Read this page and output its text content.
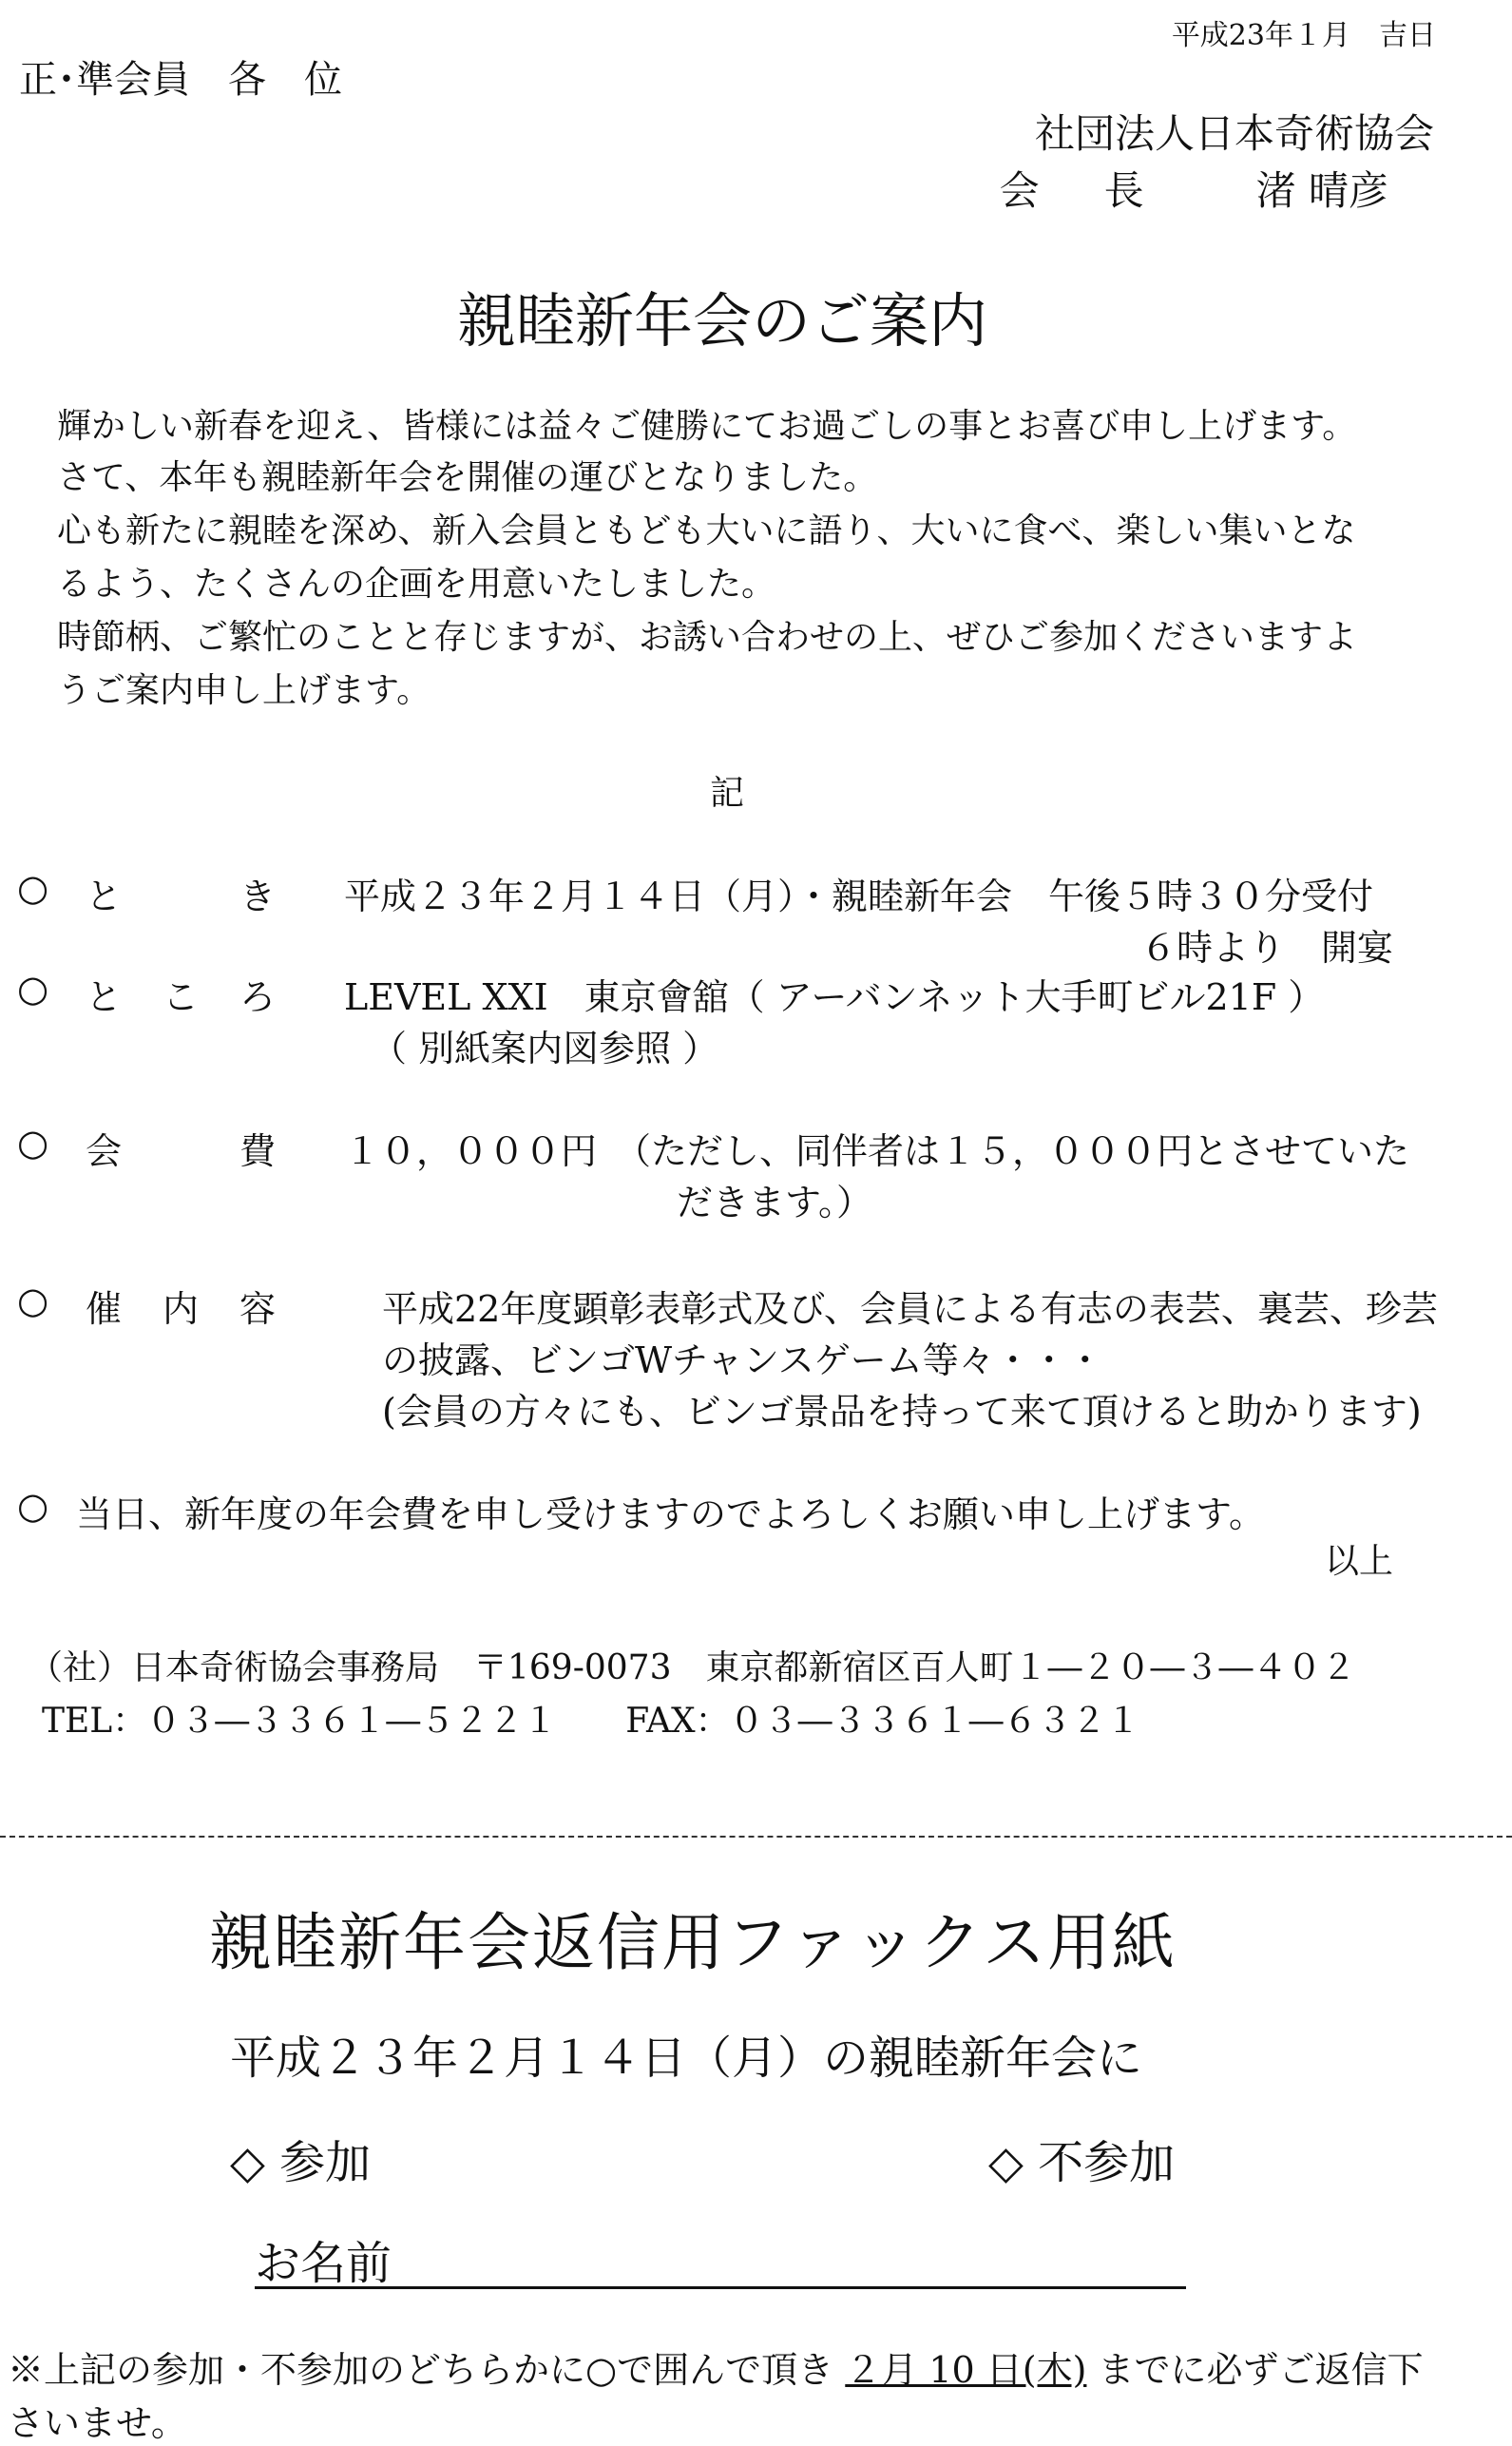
平成23年１月　吉日
正･準会員　各　位
社団法人日本奇術協会
会 長	渚 晴彦
親睦新年会のご案内
輝かしい新春を迎え、皆様には益々ご健勝にてお過ごしの事とお喜び申し上げます。
さて、本年も親睦新年会を開催の運びとなりました。
心も新たに親睦を深め、新入会員ともども大いに語り、大いに食べ、楽しい集いとな
るよう、たくさんの企画を用意いたしました。
時節柄、ご繁忙のことと存じますが、お誘い合わせの上、ぜひご参加くださいますよ
うご案内申し上げます。
記
○ と	き 平成２３年２月１４日（月）・親睦新年会　午後５時３０分受付
６時より　開宴
○ と こ ろ LEVEL XXI　東京會舘（ アーバンネット大手町ビル21F ）
（ 別紙案内図参照 ）
○ 会	費 １０，０００円　（ただし、同伴者は１５，０００円とさせていた
だきます。）
○ 催 内 容	平成22年度顕彰表彰式及び、会員による有志の表芸、裏芸、珍芸
の披露、ビンゴWチャンスゲーム等々・・・
(会員の方々にも、ビンゴ景品を持って来て頂けると助かります)
○ 当日、新年度の年会費を申し受けますのでよろしくお願い申し上げます。
以上
（社）日本奇術協会事務局　〒169-0073　東京都新宿区百人町１―２０―３―４０２
TEL：０３―３３６１―５２２１　　FAX：０３―３３６１―６３２１
親睦新年会返信用ファックス用紙
平成２３年２月１４日（月）の親睦新年会に
◇ 参加	◇ 不参加
お名前
※上記の参加・不参加のどちらかに○で囲んで頂き ２月 10 日(木) までに必ずご返信下
さいませ。
